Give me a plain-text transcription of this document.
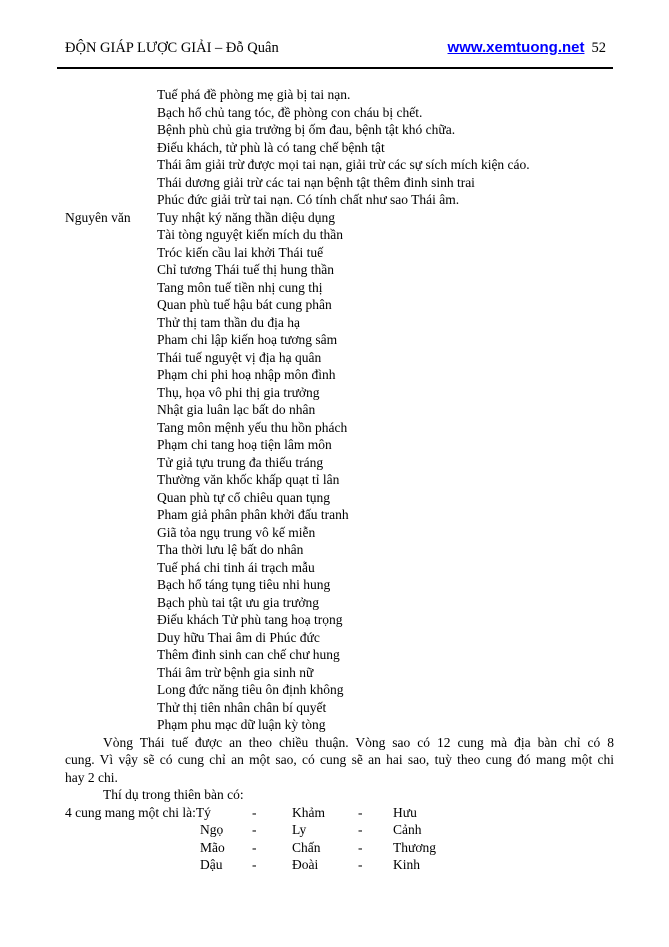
ĐỘN GIÁP LƯỢC GIẢI – Đỗ Quân	www.xemtuong.net 52
Tuế phá đề phòng mẹ già bị tai nạn.
Bạch hổ chủ tang tóc, đề phòng con cháu bị chết.
Bệnh phù chủ gia trưởng bị ốm đau, bệnh tật khó chữa.
Điếu khách, tử phù là có tang chế bệnh tật
Thái âm giải trừ được mọi tai nạn, giải trừ các sự sích mích kiện cáo.
Thái dương giải trừ các tai nạn bệnh tật thêm đinh sinh trai
Phúc đức giải trừ tai nạn. Có tính chất như sao Thái âm.
Nguyên văn Tuy nhật ký năng thần diệu dụng
Tài tòng nguyệt kiến mích du thần
Tróc kiến cầu lai khởi Thái tuế
Chỉ tương Thái tuế thị hung thần
Tang môn tuế tiền nhị cung thị
Quan phù tuế hậu bát cung phân
Thử thị tam thần du địa hạ
Pham chi lập kiến hoạ tương sâm
Thái tuế nguyệt vị địa hạ quân
Phạm chi phi hoạ nhập môn đình
Thụ, họa vô phi thị gia trưởng
Nhật gia luân lạc bất do nhân
Tang môn mệnh yếu thu hồn phách
Phạm chi tang hoạ tiện lâm môn
Tử giả tựu trung đa thiếu tráng
Thường văn khốc khấp quạt tỉ lân
Quan phù tự cổ chiêu quan tụng
Pham giả phân phân khởi đấu tranh
Giã tỏa ngụ trung vô kế miễn
Tha thời lưu lệ bất do nhân
Tuế phá chi tinh ái trạch mẫu
Bạch hổ táng tụng tiêu nhi hung
Bạch phù tai tật ưu gia trưởng
Điếu khách Tử phù tang hoạ trọng
Duy hữu Thai âm di Phúc đức
Thêm đinh sinh can chế chư hung
Thái âm trừ bệnh gia sinh nữ
Long đức năng tiêu ôn định không
Thử thị tiên nhân chân bí quyết
Phạm phu mạc dữ luận kỳ tòng
Vòng Thái tuế được an theo chiều thuận. Vòng sao có 12 cung mà địa bàn chỉ có 8
cung. Vì vậy sẽ có cung chỉ an một sao, có cung sẽ an hai sao, tuỳ theo cung đó mang một chi
hay 2 chi.
Thí dụ trong thiên bàn có:
4 cung mang một chi là:Tý	-	Khảm	-	Hưu
Ngọ	-	Ly	-	Cảnh
Mão	-	Chấn	-	Thương
Dậu	-	Đoài	-	Kinh
